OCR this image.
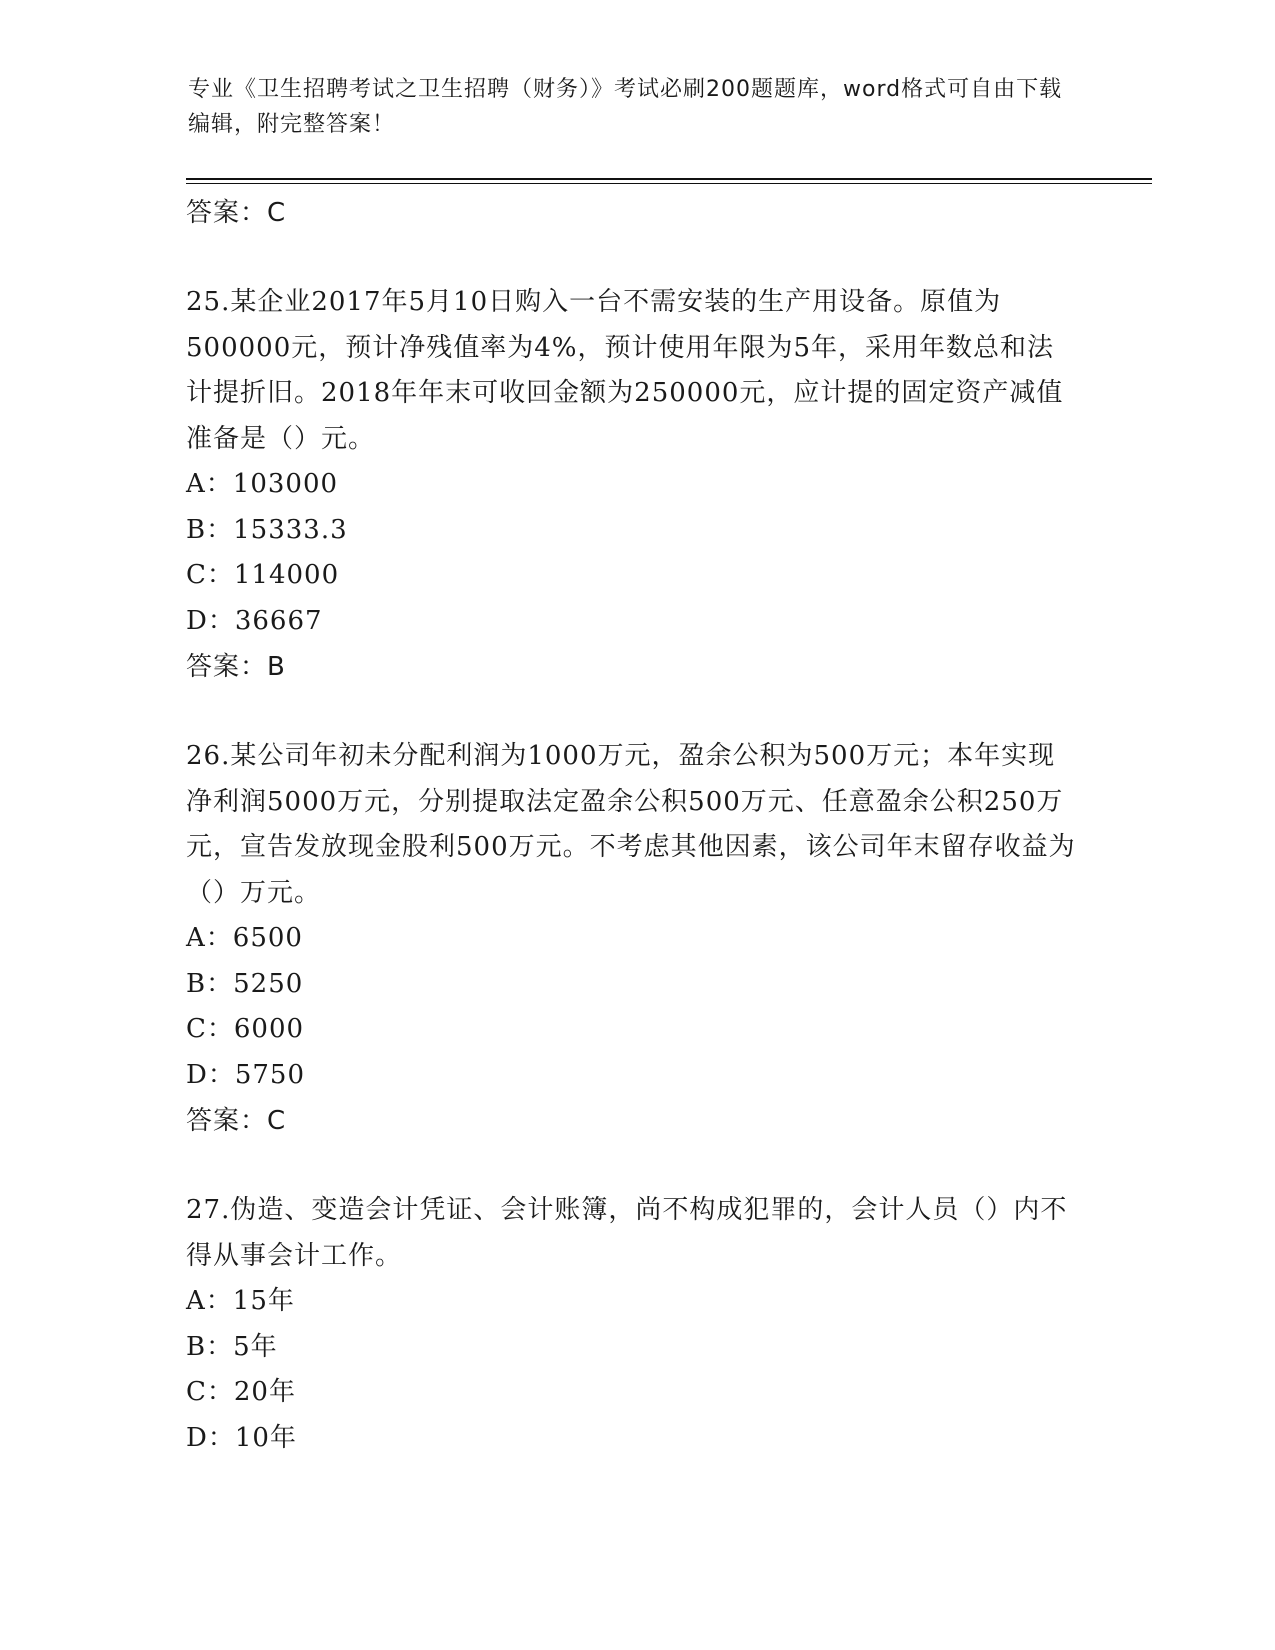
专业《卫生招聘考试之卫生招聘（财务）》考试必刷200题题库，word格式可自由下载编辑，附完整答案！
答案：C
25.某企业2017年5月10日购入一台不需安装的生产用设备。原值为500000元，预计净残值率为4%，预计使用年限为5年，采用年数总和法计提折旧。2018年年末可收回金额为250000元，应计提的固定资产减值准备是（）元。
A：103000
B：15333.3
C：114000
D：36667
答案：B
26.某公司年初未分配利润为1000万元，盈余公积为500万元；本年实现净利润5000万元，分别提取法定盈余公积500万元、任意盈余公积250万元，宣告发放现金股利500万元。不考虑其他因素，该公司年末留存收益为（）万元。
A：6500
B：5250
C：6000
D：5750
答案：C
27.伪造、变造会计凭证、会计账簿，尚不构成犯罪的，会计人员（）内不得从事会计工作。
A：15年
B：5年
C：20年
D：10年
